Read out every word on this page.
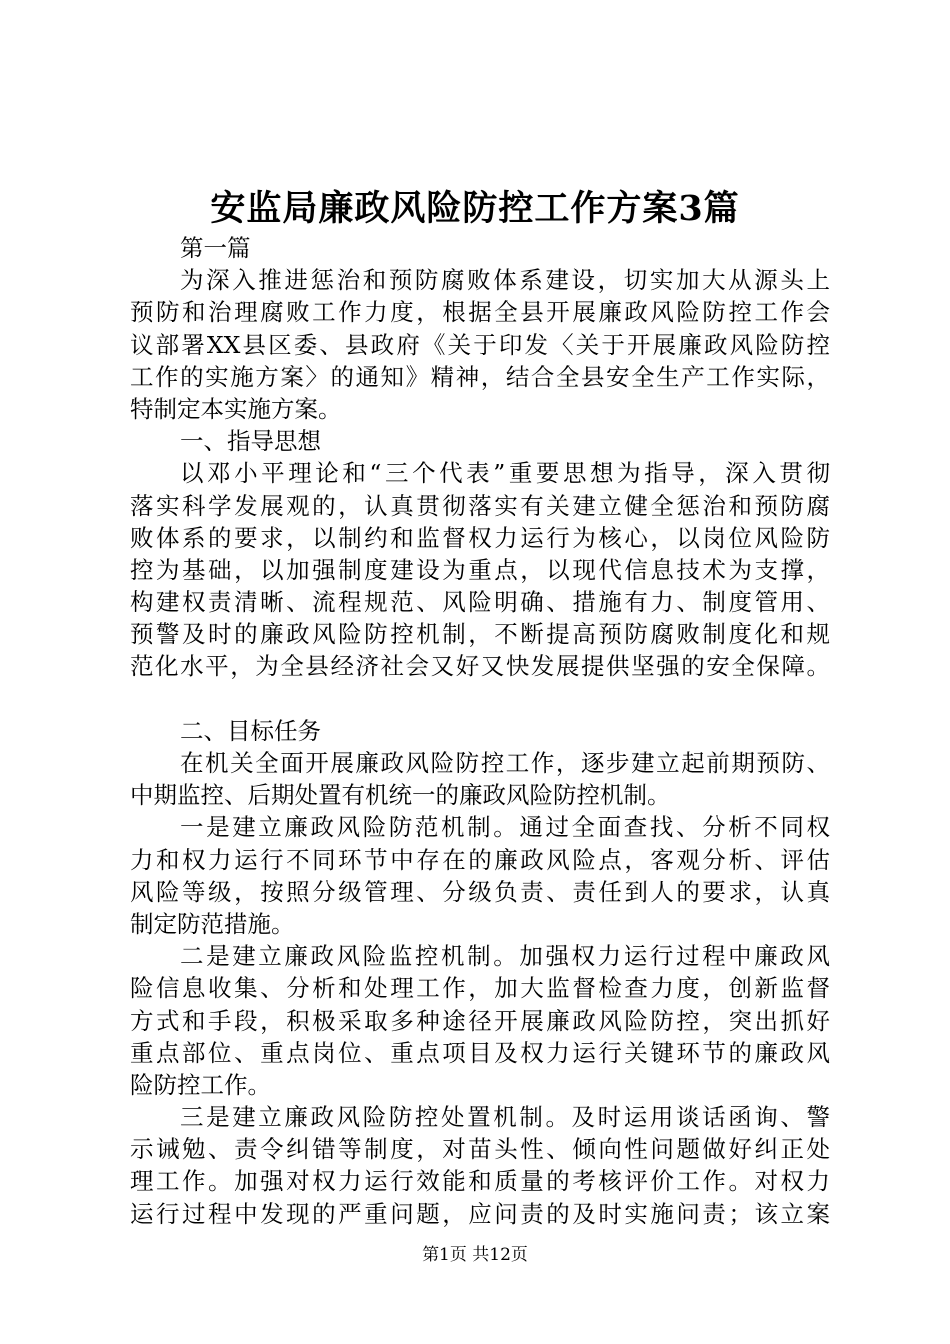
安监局廉政风险防控工作方案3篇
第一篇
为深入推进惩治和预防腐败体系建设，切实加大从源头上
预防和治理腐败工作力度，根据全县开展廉政风险防控工作会
议部署XX县区委、县政府《关于印发〈关于开展廉政风险防控
工作的实施方案〉的通知》精神，结合全县安全生产工作实际，
特制定本实施方案。
一、指导思想
以邓小平理论和“三个代表”重要思想为指导，深入贯彻
落实科学发展观的，认真贯彻落实有关建立健全惩治和预防腐
败体系的要求，以制约和监督权力运行为核心，以岗位风险防
控为基础，以加强制度建设为重点，以现代信息技术为支撑，
构建权责清晰、流程规范、风险明确、措施有力、制度管用、
预警及时的廉政风险防控机制，不断提高预防腐败制度化和规
范化水平，为全县经济社会又好又快发展提供坚强的安全保障。
二、目标任务
在机关全面开展廉政风险防控工作，逐步建立起前期预防、
中期监控、后期处置有机统一的廉政风险防控机制。
一是建立廉政风险防范机制。通过全面查找、分析不同权
力和权力运行不同环节中存在的廉政风险点，客观分析、评估
风险等级，按照分级管理、分级负责、责任到人的要求，认真
制定防范措施。
二是建立廉政风险监控机制。加强权力运行过程中廉政风
险信息收集、分析和处理工作，加大监督检查力度，创新监督
方式和手段，积极采取多种途径开展廉政风险防控，突出抓好
重点部位、重点岗位、重点项目及权力运行关键环节的廉政风
险防控工作。
三是建立廉政风险防控处置机制。及时运用谈话函询、警
示诫勉、责令纠错等制度，对苗头性、倾向性问题做好纠正处
理工作。加强对权力运行效能和质量的考核评价工作。对权力
运行过程中发现的严重问题，应问责的及时实施问责；该立案
第1页 共12页
